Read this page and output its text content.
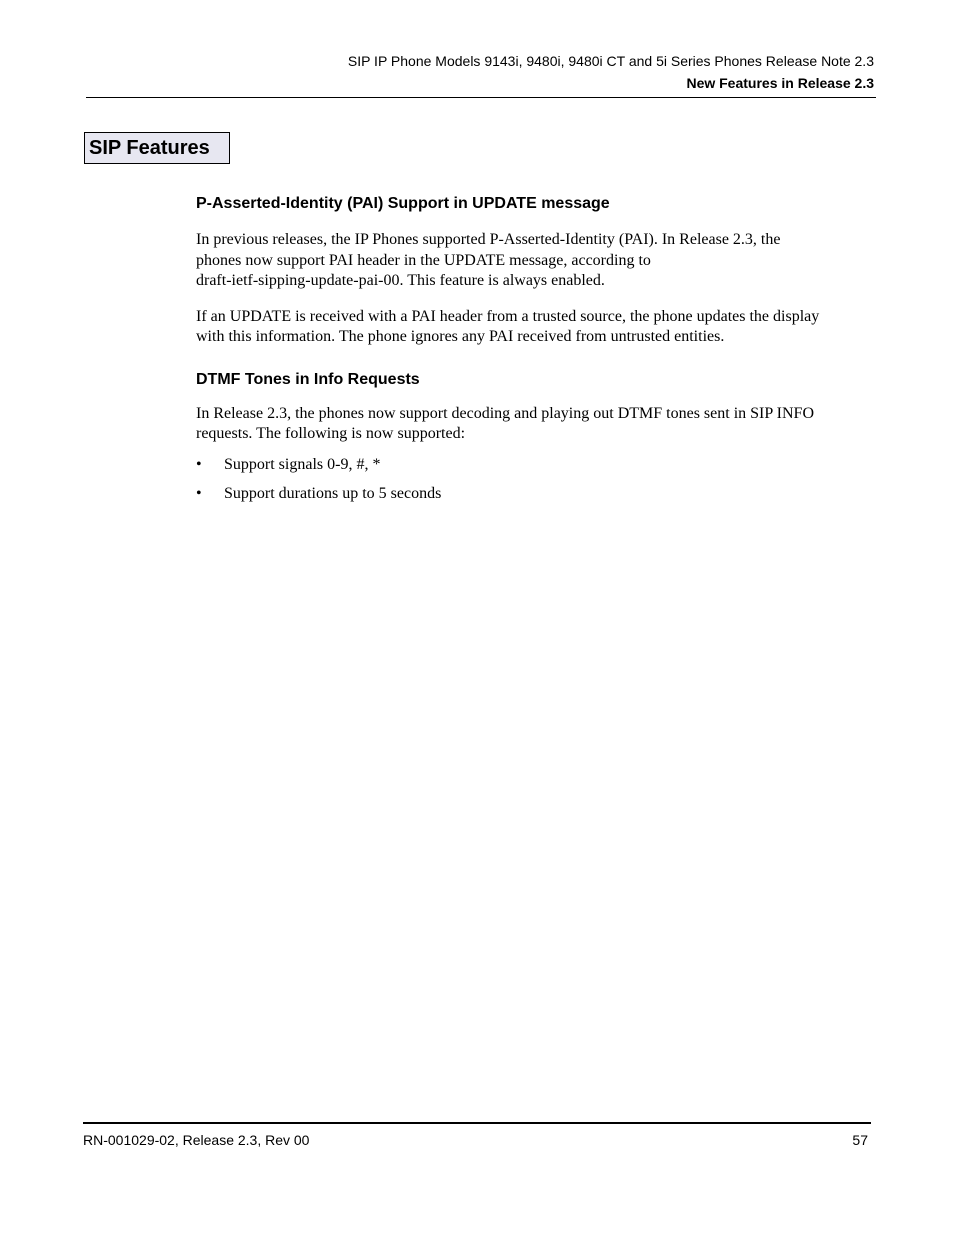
SIP IP Phone Models 9143i, 9480i, 9480i CT and 5i Series Phones Release Note 2.3
New Features in Release 2.3
SIP Features
P-Asserted-Identity (PAI) Support in UPDATE message
In previous releases, the IP Phones supported P-Asserted-Identity (PAI). In Release 2.3, the
phones now support PAI header in the UPDATE message, according to
draft-ietf-sipping-update-pai-00. This feature is always enabled.
If an UPDATE is received with a PAI header from a trusted source, the phone updates the display
with this information. The phone ignores any PAI received from untrusted entities.
DTMF Tones in Info Requests
In Release 2.3, the phones now support decoding and playing out DTMF tones sent in SIP INFO
requests. The following is now supported:
• Support signals 0-9, #, *
• Support durations up to 5 seconds
RN-001029-02, Release 2.3, Rev 00	57
